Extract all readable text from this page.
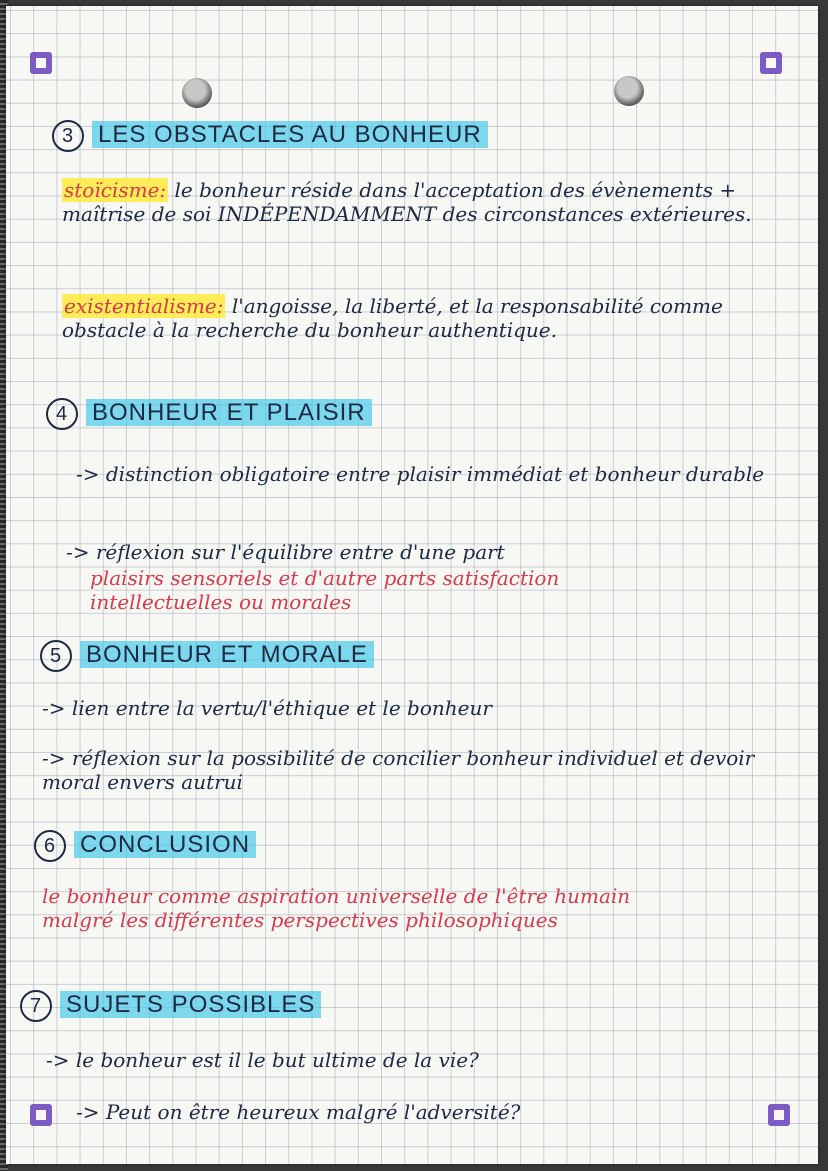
3 LES OBSTACLES AU BONHEUR
stoïcisme: le bonheur réside dans l'acceptation des évènements + maîtrise de soi INDÉPENDAMMENT des circonstances extérieures.
existentialisme: l'angoisse, la liberté, et la responsabilité comme obstacle à la recherche du bonheur authentique.
4 BONHEUR ET PLAISIR
-> distinction obligatoire entre plaisir immédiat et bonheur durable
-> réflexion sur l'équilibre entre d'une part
plaisirs sensoriels et d'autre parts satisfaction intellectuelles ou morales
5 BONHEUR ET MORALE
-> lien entre la vertu/l'éthique et le bonheur
-> réflexion sur la possibilité de concilier bonheur individuel et devoir moral envers autrui
6 CONCLUSION
le bonheur comme aspiration universelle de l'être humain malgré les différentes perspectives philosophiques
7 SUJETS POSSIBLES
-> le bonheur est il le but ultime de la vie?
-> Peut on être heureux malgré l'adversité?
